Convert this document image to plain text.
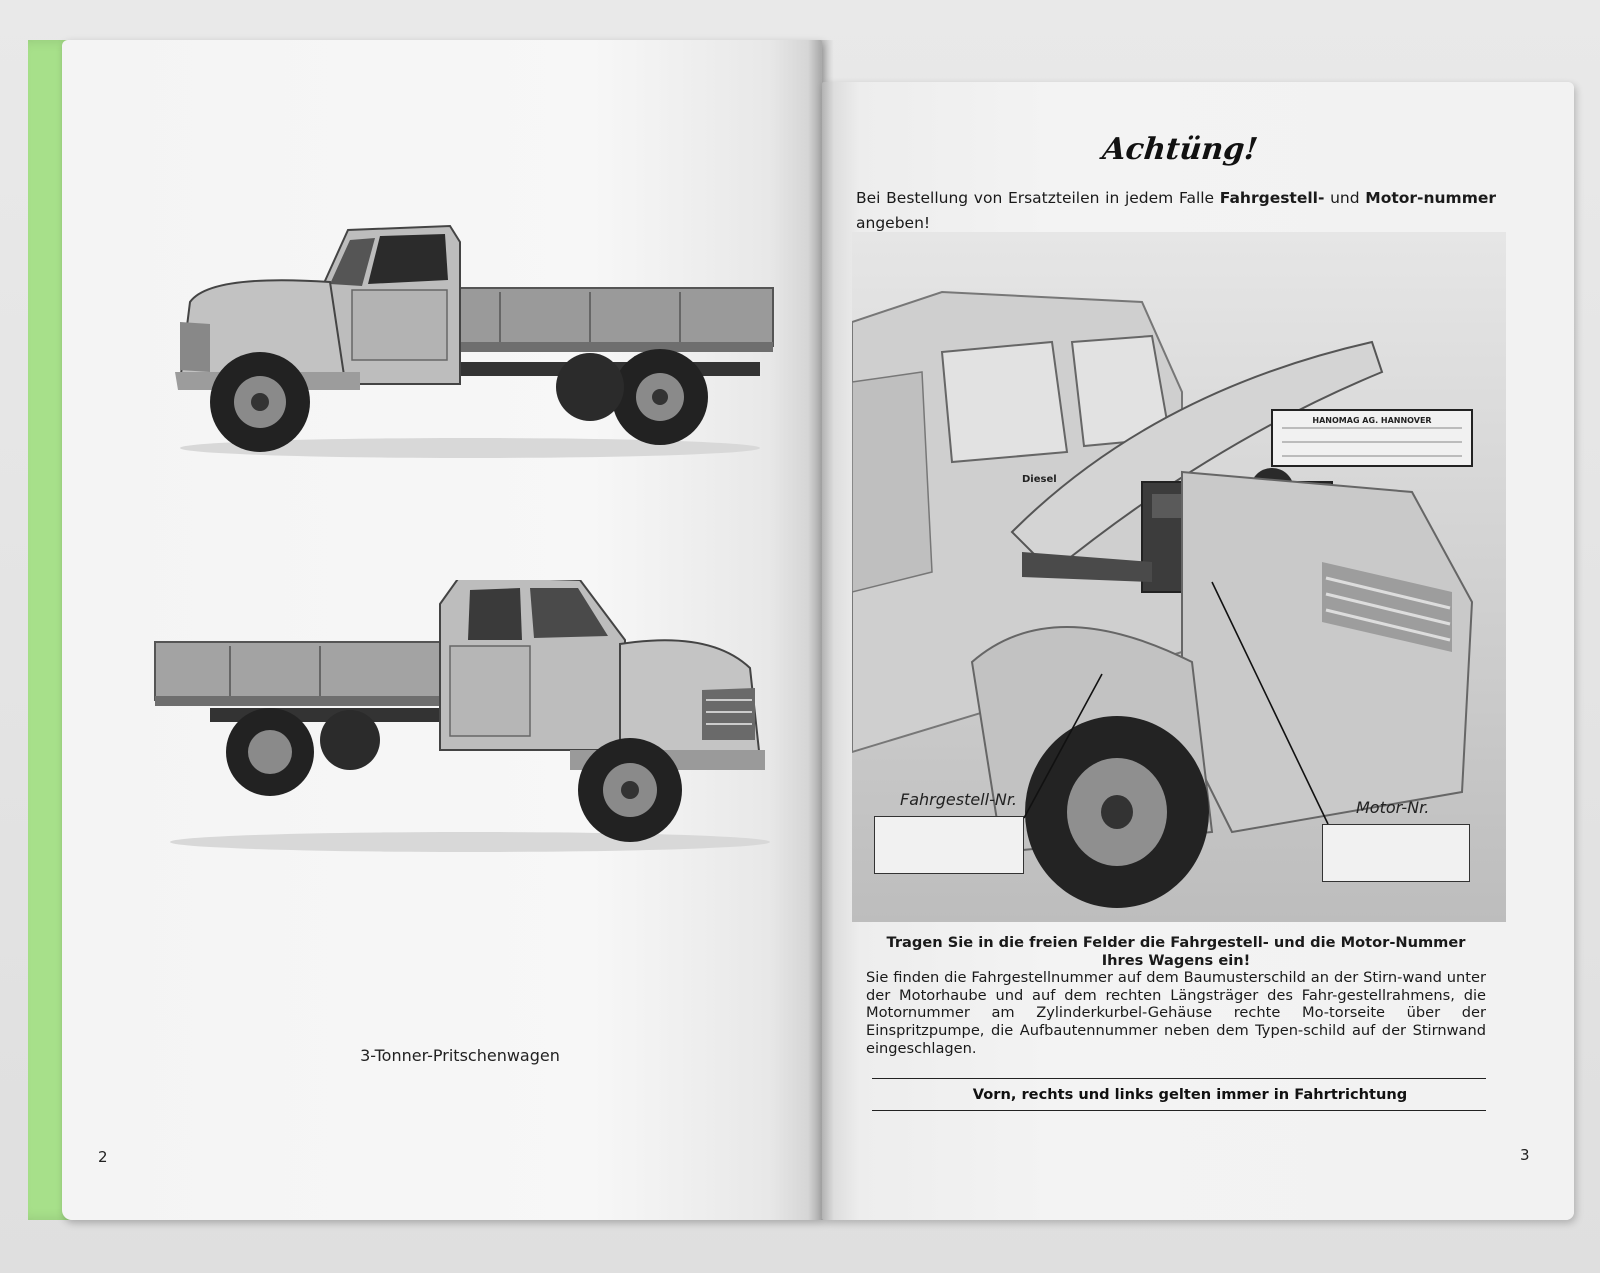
3-Tonner-Pritschenwagen
2
Achtüng!
Bei Bestellung von Ersatzteilen in jedem Falle Fahrgestell- und Motor-nummer angeben!
Fahrgestell-Nr.	Motor-Nr.
HANOMAG AG. HANNOVER
Diesel
Tragen Sie in die freien Felder die Fahrgestell- und die Motor-Nummer Ihres Wagens ein!
Sie finden die Fahrgestellnummer auf dem Baumusterschild an der Stirn-wand unter der Motorhaube und auf dem rechten Längsträger des Fahr-gestellrahmens, die Motornummer am Zylinderkurbel-Gehäuse rechte Mo-torseite über der Einspritzpumpe, die Aufbautennummer neben dem Typen-schild auf der Stirnwand eingeschlagen.
Vorn, rechts und links gelten immer in Fahrtrichtung
3
